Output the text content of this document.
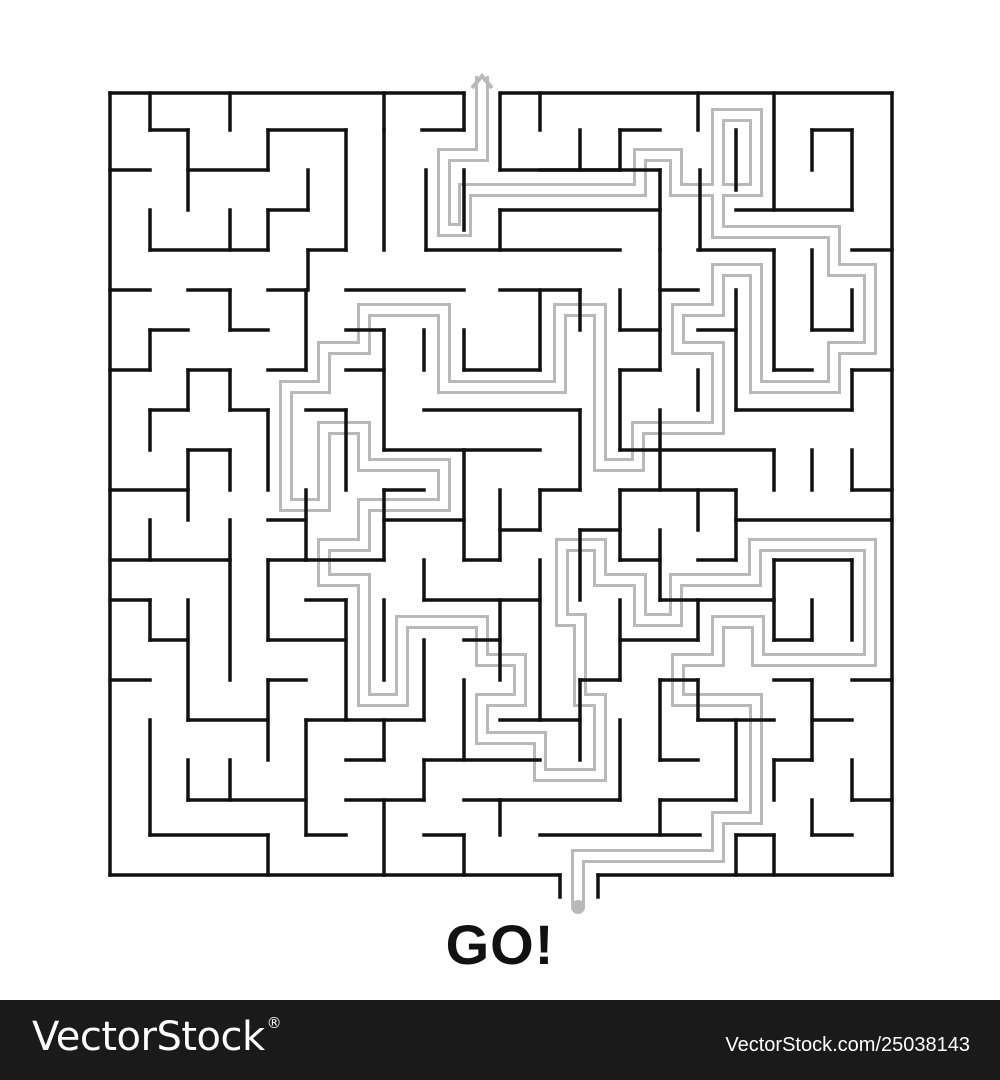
GO!
VectorStock ®
VectorStock.com/25038143
